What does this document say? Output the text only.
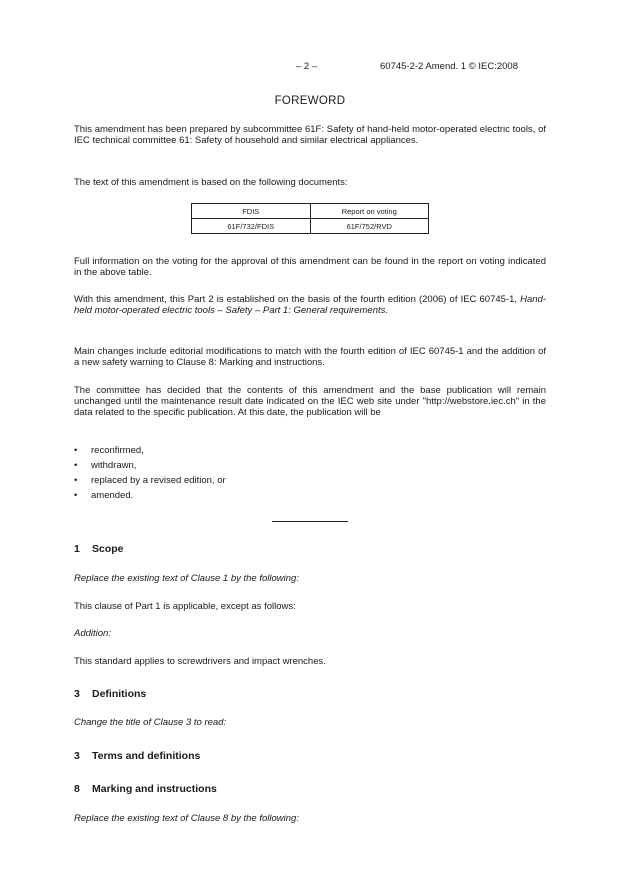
– 2 –	60745-2-2 Amend. 1 © IEC:2008
FOREWORD

This amendment has been prepared by subcommittee 61F: Safety of hand-held motor-operated electric tools, of IEC technical committee 61: Safety of household and similar electrical appliances.

The text of this amendment is based on the following documents:

FDIS	Report on voting
61F/732/FDIS	61F/752/RVD

Full information on the voting for the approval of this amendment can be found in the report on voting indicated in the above table.

With this amendment, this Part 2 is established on the basis of the fourth edition (2006) of IEC 60745-1, Hand-held motor-operated electric tools – Safety – Part 1: General requirements.

Main changes include editorial modifications to match with the fourth edition of IEC 60745-1 and the addition of a new safety warning to Clause 8: Marking and instructions.

The committee has decided that the contents of this amendment and the base publication will remain unchanged until the maintenance result date indicated on the IEC web site under "http://webstore.iec.ch" in the data related to the specific publication. At this date, the publication will be

• reconfirmed,
• withdrawn,
• replaced by a revised edition, or
• amended.
1 Scope

Replace the existing text of Clause 1 by the following:

This clause of Part 1 is applicable, except as follows:

Addition:

This standard applies to screwdrivers and impact wrenches.

3 Definitions

Change the title of Clause 3 to read:

3 Terms and definitions
8 Marking and instructions

Replace the existing text of Clause 8 by the following:
